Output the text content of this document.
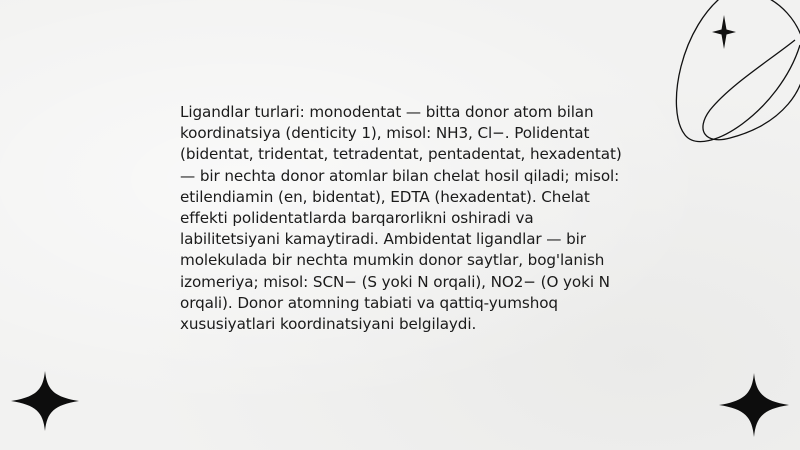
Ligandlar turlari: monodentat — bitta donor atom bilan koordinatsiya (denticity 1), misol: NH3, Cl−. Polidentat (bidentat, tridentat, tetradentat, pentadentat, hexadentat) — bir nechta donor atomlar bilan chelat hosil qiladi; misol: etilendiamin (en, bidentat), EDTA (hexadentat). Chelat effekti polidentatlarda barqarorlikni oshiradi va labilitetsiyani kamaytiradi. Ambidentat ligandlar — bir molekulada bir nechta mumkin donor saytlar, bog'lanish izomeriya; misol: SCN− (S yoki N orqali), NO2− (O yoki N orqali). Donor atomning tabiati va qattiq-yumshoq xususiyatlari koordinatsiyani belgilaydi.
